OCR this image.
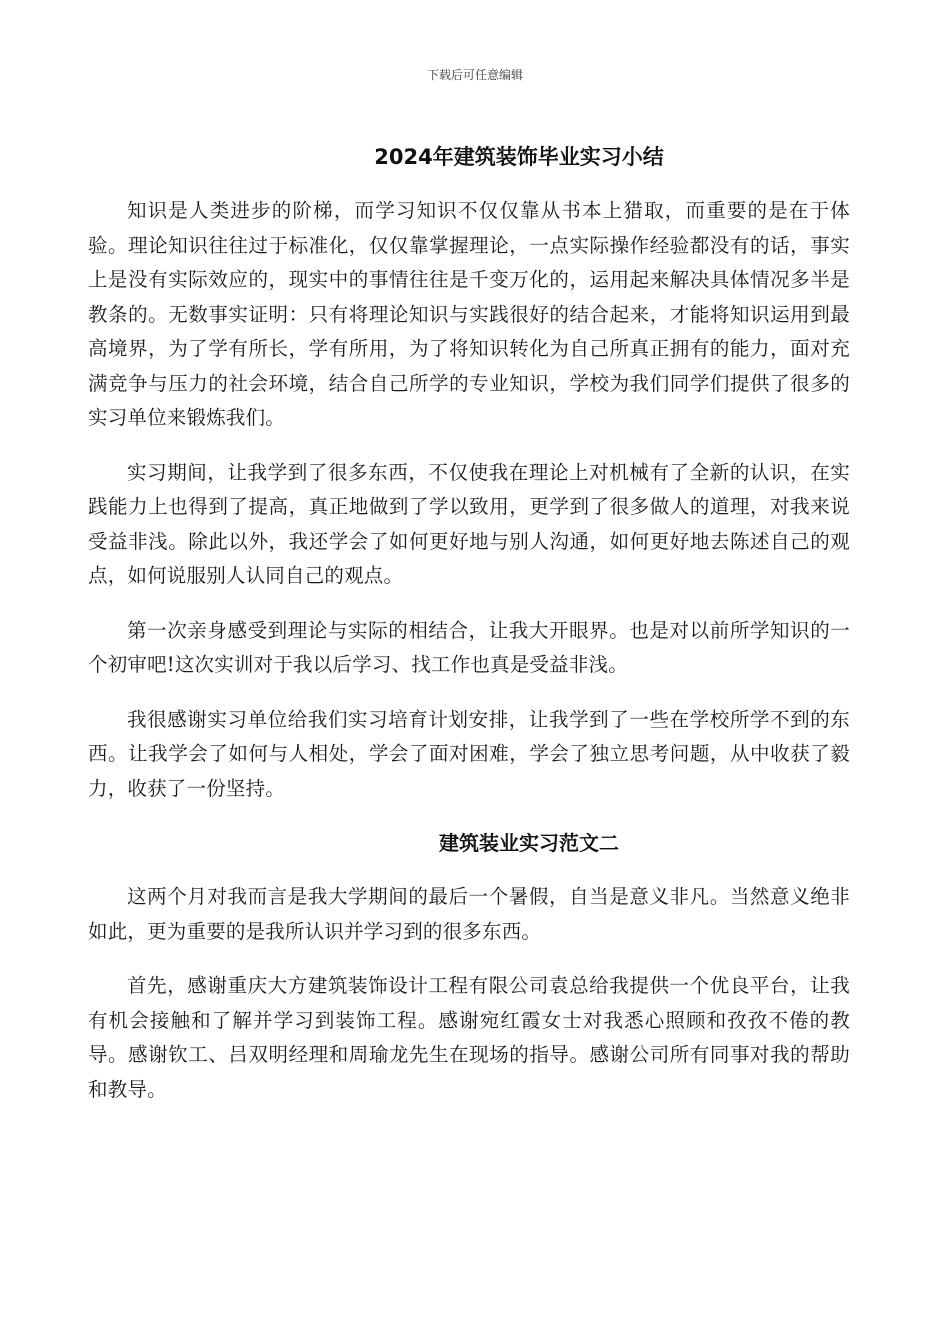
下载后可任意编辑
2024年建筑装饰毕业实习小结

知识是人类进步的阶梯，而学习知识不仅仅靠从书本上猎取，而重要的是在于体验。理论知识往往过于标准化，仅仅靠掌握理论，一点实际操作经验都没有的话，事实上是没有实际效应的，现实中的事情往往是千变万化的，运用起来解决具体情况多半是教条的。无数事实证明：只有将理论知识与实践很好的结合起来，才能将知识运用到最高境界，为了学有所长，学有所用，为了将知识转化为自己所真正拥有的能力，面对充满竞争与压力的社会环境，结合自己所学的专业知识，学校为我们同学们提供了很多的实习单位来锻炼我们。

实习期间，让我学到了很多东西，不仅使我在理论上对机械有了全新的认识，在实践能力上也得到了提高，真正地做到了学以致用，更学到了很多做人的道理，对我来说受益非浅。除此以外，我还学会了如何更好地与别人沟通，如何更好地去陈述自己的观点，如何说服别人认同自己的观点。

第一次亲身感受到理论与实际的相结合，让我大开眼界。也是对以前所学知识的一个初审吧!这次实训对于我以后学习、找工作也真是受益非浅。

我很感谢实习单位给我们实习培育计划安排，让我学到了一些在学校所学不到的东西。让我学会了如何与人相处，学会了面对困难，学会了独立思考问题，从中收获了毅力，收获了一份坚持。

建筑装业实习范文二

这两个月对我而言是我大学期间的最后一个暑假，自当是意义非凡。当然意义绝非如此，更为重要的是我所认识并学习到的很多东西。

首先，感谢重庆大方建筑装饰设计工程有限公司袁总给我提供一个优良平台，让我有机会接触和了解并学习到装饰工程。感谢宛红霞女士对我悉心照顾和孜孜不倦的教导。感谢钦工、吕双明经理和周瑜龙先生在现场的指导。感谢公司所有同事对我的帮助和教导。
